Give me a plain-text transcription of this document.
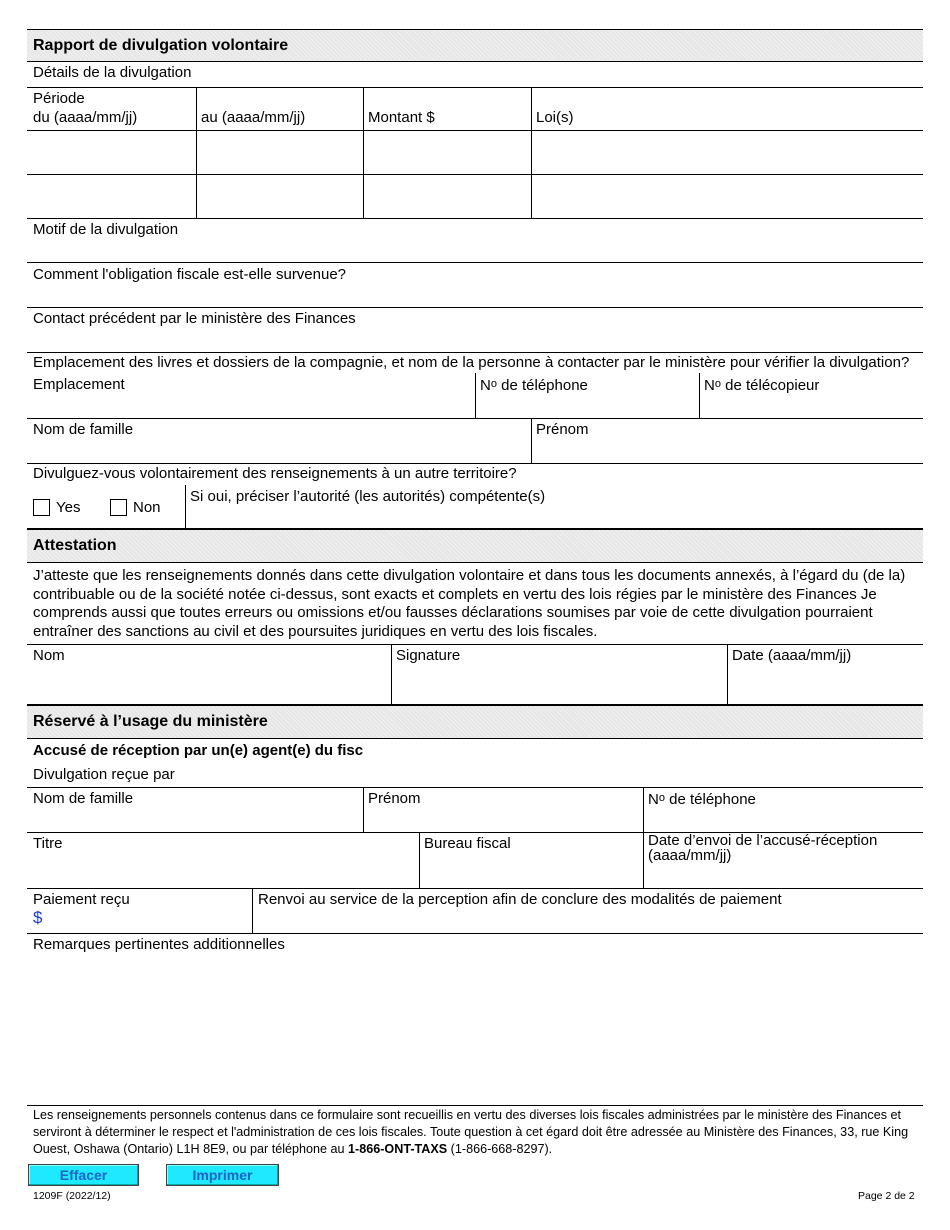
Rapport de divulgation volontaire
Détails de la divulgation
Période
du (aaaa/mm/jj)	au (aaaa/mm/jj)	Montant $	Loi(s)
Motif de la divulgation
Comment l'obligation fiscale est-elle survenue?
Contact précédent par le ministère des Finances
Emplacement des livres et dossiers de la compagnie, et nom de la personne à contacter par le ministère pour vérifier la divulgation?
Emplacement	$N^o$ de téléphone	$N^o$ de télécopieur
Nom de famille	Prénom
Divulguez-vous volontairement des renseignements à un autre territoire?
Yes	Non
Si oui, préciser l’autorité (les autorités) compétente(s)
Attestation
J’atteste que les renseignements donnés dans cette divulgation volontaire et dans tous les documents annexés, à l’égard du (de la) contribuable ou de la société notée ci-dessus, sont exacts et complets en vertu des lois régies par le ministère des Finances Je comprends aussi que toutes erreurs ou omissions et/ou fausses déclarations soumises par voie de cette divulgation pourraient entraîner des sanctions au civil et des poursuites juridiques en vertu des lois fiscales.
Nom	Signature	Date (aaaa/mm/jj)
Réservé à l’usage du ministère
Accusé de réception par un(e) agent(e) du fisc
Divulgation reçue par
Nom de famille	Prénom	$N^o$ de téléphone
Titre	Bureau fiscal	Date d’envoi de l’accusé-réception
(aaaa/mm/jj)
Paiement reçu
$
Renvoi au service de la perception afin de conclure des modalités de paiement
Remarques pertinentes additionnelles
Les renseignements personnels contenus dans ce formulaire sont recueillis en vertu des diverses lois fiscales administrées par le ministère des Finances et serviront à déterminer le respect et l'administration de ces lois fiscales. Toute question à cet égard doit être adressée au Ministère des Finances, 33, rue King Ouest, Oshawa (Ontario) L1H 8E9, ou par téléphone au 1-866-ONT-TAXS (1-866-668-8297).
Effacer	Imprimer
1209F (2022/12)	Page 2 de 2
